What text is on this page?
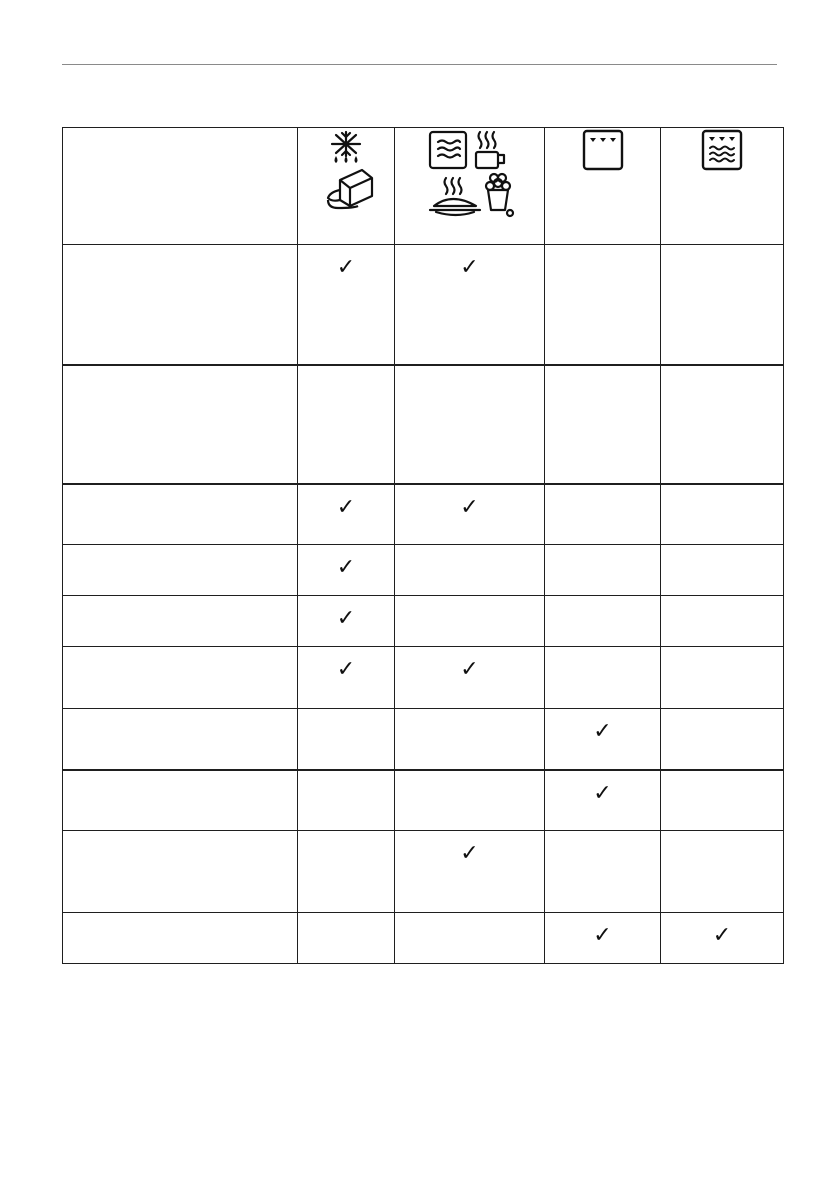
	✓	✓		

	✓	✓		
	✓			
	✓			
	✓	✓		
			✓	
			✓	
		✓		
			✓	✓
